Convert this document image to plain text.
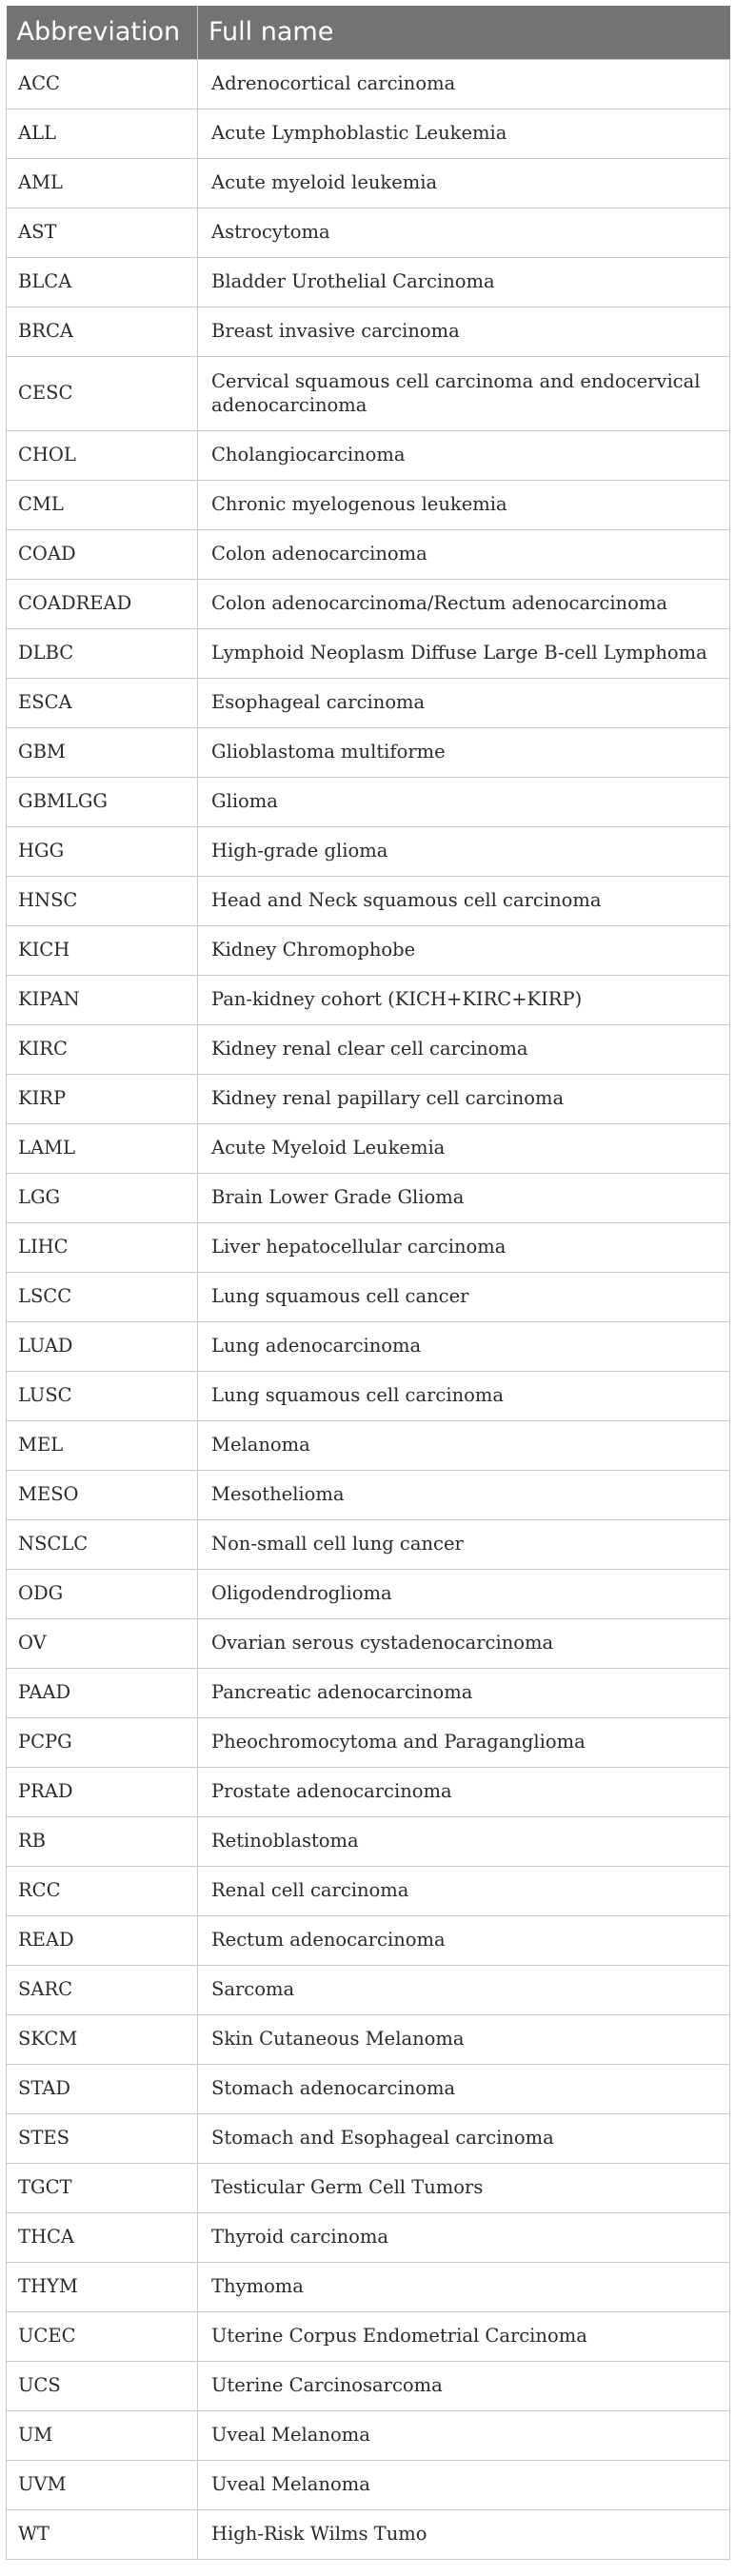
Abbreviation	Full name
ACC	Adrenocortical carcinoma
ALL	Acute Lymphoblastic Leukemia
AML	Acute myeloid leukemia
AST	Astrocytoma
BLCA	Bladder Urothelial Carcinoma
BRCA	Breast invasive carcinoma
CESC	Cervical squamous cell carcinoma and endocervical adenocarcinoma
CHOL	Cholangiocarcinoma
CML	Chronic myelogenous leukemia
COAD	Colon adenocarcinoma
COADREAD	Colon adenocarcinoma/Rectum adenocarcinoma
DLBC	Lymphoid Neoplasm Diffuse Large B-cell Lymphoma
ESCA	Esophageal carcinoma
GBM	Glioblastoma multiforme
GBMLGG	Glioma
HGG	High-grade glioma
HNSC	Head and Neck squamous cell carcinoma
KICH	Kidney Chromophobe
KIPAN	Pan-kidney cohort (KICH+KIRC+KIRP)
KIRC	Kidney renal clear cell carcinoma
KIRP	Kidney renal papillary cell carcinoma
LAML	Acute Myeloid Leukemia
LGG	Brain Lower Grade Glioma
LIHC	Liver hepatocellular carcinoma
LSCC	Lung squamous cell cancer
LUAD	Lung adenocarcinoma
LUSC	Lung squamous cell carcinoma
MEL	Melanoma
MESO	Mesothelioma
NSCLC	Non-small cell lung cancer
ODG	Oligodendroglioma
OV	Ovarian serous cystadenocarcinoma
PAAD	Pancreatic adenocarcinoma
PCPG	Pheochromocytoma and Paraganglioma
PRAD	Prostate adenocarcinoma
RB	Retinoblastoma
RCC	Renal cell carcinoma
READ	Rectum adenocarcinoma
SARC	Sarcoma
SKCM	Skin Cutaneous Melanoma
STAD	Stomach adenocarcinoma
STES	Stomach and Esophageal carcinoma
TGCT	Testicular Germ Cell Tumors
THCA	Thyroid carcinoma
THYM	Thymoma
UCEC	Uterine Corpus Endometrial Carcinoma
UCS	Uterine Carcinosarcoma
UM	Uveal Melanoma
UVM	Uveal Melanoma
WT	High-Risk Wilms Tumo
